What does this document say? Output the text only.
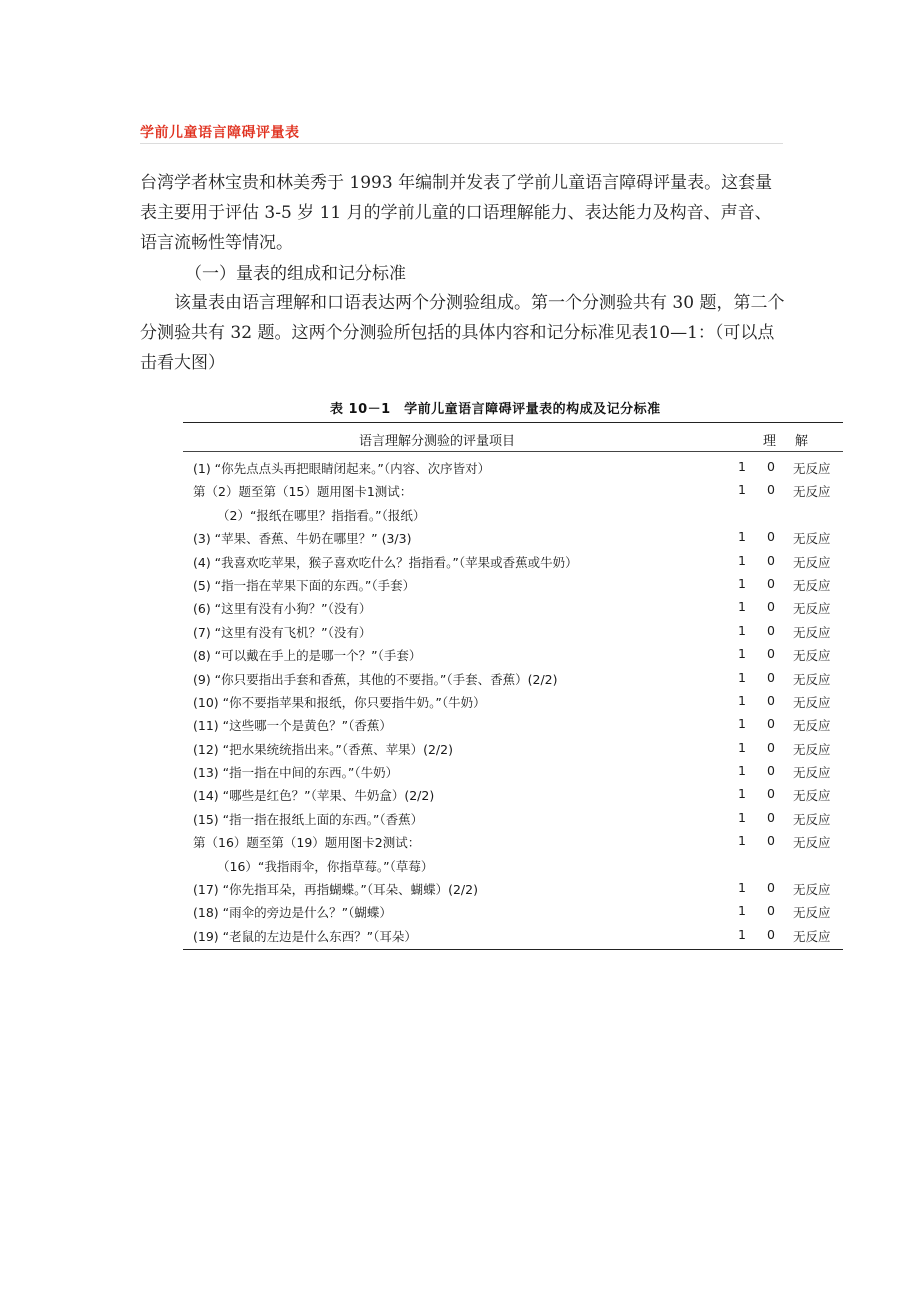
学前儿童语言障碍评量表

台湾学者林宝贵和林美秀于 1993 年编制并发表了学前儿童语言障碍评量表。这套量表主要用于评估 3-5 岁 11 月的学前儿童的口语理解能力、表达能力及构音、声音、语言流畅性等情况。

（一）量表的组成和记分标准

该量表由语言理解和口语表达两个分测验组成。第一个分测验共有 30 题，第二个分测验共有 32 题。这两个分测验所包括的具体内容和记分标准见表10—1：（可以点击看大图）

表 10－1　学前儿童语言障碍评量表的构成及记分标准
语言理解分测验的评量项目	理 解
(1) “你先点点头再把眼睛闭起来。”（内容、次序皆对）	1 0 无反应
第（2）题至第（15）题用图卡1测试：	1 0 无反应
（2）“报纸在哪里？指指看。”（报纸）
(3) “苹果、香蕉、牛奶在哪里？” (3/3)	1 0 无反应
(4) “我喜欢吃苹果，猴子喜欢吃什么？指指看。”（苹果或香蕉或牛奶）	1 0 无反应
(5) “指一指在苹果下面的东西。”（手套）	1 0 无反应
(6) “这里有没有小狗？”（没有）	1 0 无反应
(7) “这里有没有飞机？”（没有）	1 0 无反应
(8) “可以戴在手上的是哪一个？”（手套）	1 0 无反应
(9) “你只要指出手套和香蕉，其他的不要指。”（手套、香蕉）(2/2)	1 0 无反应
(10) “你不要指苹果和报纸，你只要指牛奶。”（牛奶）	1 0 无反应
(11) “这些哪一个是黄色？”（香蕉）	1 0 无反应
(12) “把水果统统指出来。”（香蕉、苹果）(2/2)	1 0 无反应
(13) “指一指在中间的东西。”（牛奶）	1 0 无反应
(14) “哪些是红色？”（苹果、牛奶盒）(2/2)	1 0 无反应
(15) “指一指在报纸上面的东西。”（香蕉）	1 0 无反应
第（16）题至第（19）题用图卡2测试：	1 0 无反应
（16）“我指雨伞，你指草莓。”（草莓）
(17) “你先指耳朵，再指蝴蝶。”（耳朵、蝴蝶）(2/2)	1 0 无反应
(18) “雨伞的旁边是什么？”（蝴蝶）	1 0 无反应
(19) “老鼠的左边是什么东西？”（耳朵）	1 0 无反应
